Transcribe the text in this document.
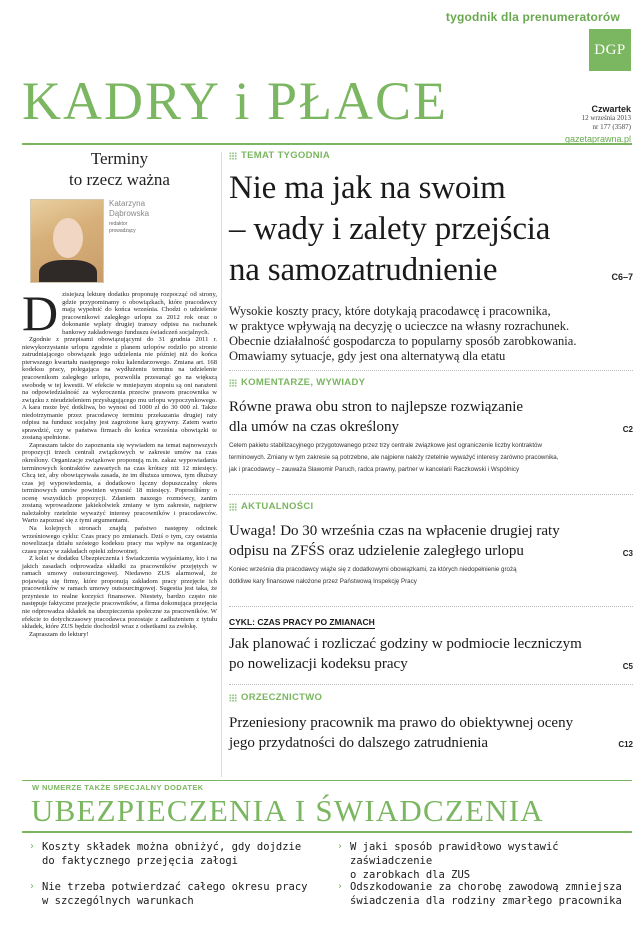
tygodnik dla prenumeratorów
DGP
KADRY i PŁACE	Czwartek
12 września 2013
nr 177 (3587)
gazetaprawna.pl
Terminy
to rzecz ważna
Katarzyna
Dąbrowska
redaktor prowadzący

Dzisiejszą lekturę dodatku proponuję rozpocząć od strony, gdzie przypominamy o obowiązkach, które pracodawcy mają wypełnić do końca września. Chodzi o udzielenie pracownikowi zaległego urlopu za 2012 rok oraz o dokonanie wpłaty drugiej transzy odpisu na rachunek bankowy zakładowego funduszu świadczeń socjalnych.

Zgodnie z przepisami obowiązującymi do 31 grudnia 2011 r. niewykorzystanie urlopu zgodnie z planem urlopów rodziło po stronie zatrudniającego obowiązek jego udzielenia nie później niż do końca pierwszego kwartału następnego roku kalendarzowego. Zmiana art. 168 kodeksu pracy, polegająca na wydłużeniu terminu na udzielenie pracownikom zaległego urlopu, pozwoliła przesunąć go na większą swobodę w tej kwestii. W efekcie w mniejszym stopniu są oni narażeni na odpowiedzialność za wykroczenia przeciw prawom pracownika w związku z nieudzieleniem przysługującego mu urlopu wypoczynkowego. A kara może być dotkliwa, bo wynosi od 1000 zł do 30 000 zł. Także niedotrzymanie przez pracodawcę terminu przekazania drugiej raty odpisu na fundusz socjalny jest zagrożone karą grzywny. Zatem warto sprawdzić, czy w państwa firmach do końca września obowiązki te zostaną spełnione.

Zapraszam także do zapoznania się wywiadem na temat najnowszych propozycji trzech centrali związkowych w zakresie umów na czas określony. Organizacje związkowe proponują m.in. zakaz wypowiadania terminowych kontraktów zawartych na czas krótszy niż 12 miesięcy. Chcą też, aby obowiązywała zasada, że im dłuższa umowa, tym dłuższy czas jej wypowiedzenia, a dodatkowo łączny dopuszczalny okres terminowych umów powinien wynosić 18 miesięcy. Poprosiliśmy o ocenę wszystkich propozycji. Zdaniem naszego rozmówcy, zanim zostaną wprowadzone jakiekolwiek zmiany w tym zakresie, najpierw należałoby rzetelnie wyważyć interesy pracowników i pracodawców. Warto zapoznać się z tymi argumentami.

Na kolejnych stronach znajdą państwo następny odcinek wrześniowego cyklu: Czas pracy po zmianach. Dziś o tym, czy ostatnia nowelizacja działu szóstego kodeksu pracy ma wpływ na organizację czasu pracy w zakładach opieki zdrowotnej.

Z kolei w dodatku Ubezpieczenia i Świadczenia wyjaśniamy, kto i na jakich zasadach odprowadza składki za pracowników przejętych w ramach umowy outsourcingowej. Niedawno ZUS alarmował, że pojawiają się firmy, które proponują zakładom pracy przejęcie ich pracowników w ramach umowy outsourcingowej. Sugestia jest taka, że przyniesie to realne korzyści finansowe. Niestety, bardzo często nie następuje faktyczne przejęcie pracowników, a firma dokonująca przejęcia nie odprowadza składek na ubezpieczenia społeczne za pracowników. W efekcie to dotychczasowy pracodawca pozostaje z zadłużeniem z tytułu składek, które ZUS będzie dochodził wraz z odsetkami za zwłokę.

Zapraszam do lektury!

TEMAT TYGODNIA
Nie ma jak na swoim
– wady i zalety przejścia
na samozatrudnienie	C6–7
Wysokie koszty pracy, które dotykają pracodawcę i pracownika,
w praktyce wpływają na decyzję o ucieczce na własny rozrachunek.
Obecnie działalność gospodarcza to popularny sposób zarobkowania.
Omawiamy sytuacje, gdy jest ona alternatywą dla etatu
KOMENTARZE, WYWIADY
Równe prawa obu stron to najlepsze rozwiązanie
dla umów na czas określony	C2
Celem pakietu stabilizacyjnego przygotowanego przez trzy centrale związkowe jest ograniczenie liczby kontraktów
terminowych. Zmiany w tym zakresie są potrzebne, ale najpierw należy rzetelnie wyważyć interesy zarówno pracownika,
jak i pracodawcy – zauważa Sławomir Paruch, radca prawny, partner w kancelarii Raczkowski i Wspólnicy
AKTUALNOŚCI
Uwaga! Do 30 września czas na wpłacenie drugiej raty
odpisu na ZFŚS oraz udzielenie zaległego urlopu	C3
Koniec września dla pracodawcy wiąże się z dodatkowymi obowiązkami, za których niedopełnienie grożą
dotkliwe kary finansowe nałożone przez Państwową Inspekcję Pracy
CYKL: CZAS PRACY PO ZMIANACH
Jak planować i rozliczać godziny w podmiocie leczniczym
po nowelizacji kodeksu pracy	C5
ORZECZNICTWO
Przeniesiony pracownik ma prawo do obiektywnej oceny
jego przydatności do dalszego zatrudnienia	C12
W NUMERZE TAKŻE SPECJALNY DODATEK
UBEZPIECZENIA I ŚWIADCZENIA
› Koszty składek można obniżyć, gdy dojdzie
do faktycznego przejęcia załogi
› W jaki sposób prawidłowo wystawić zaświadczenie
o zarobkach dla ZUS
› Nie trzeba potwierdzać całego okresu pracy
w szczególnych warunkach
› Odszkodowanie za chorobę zawodową zmniejsza
świadczenia dla rodziny zmarłego pracownika
